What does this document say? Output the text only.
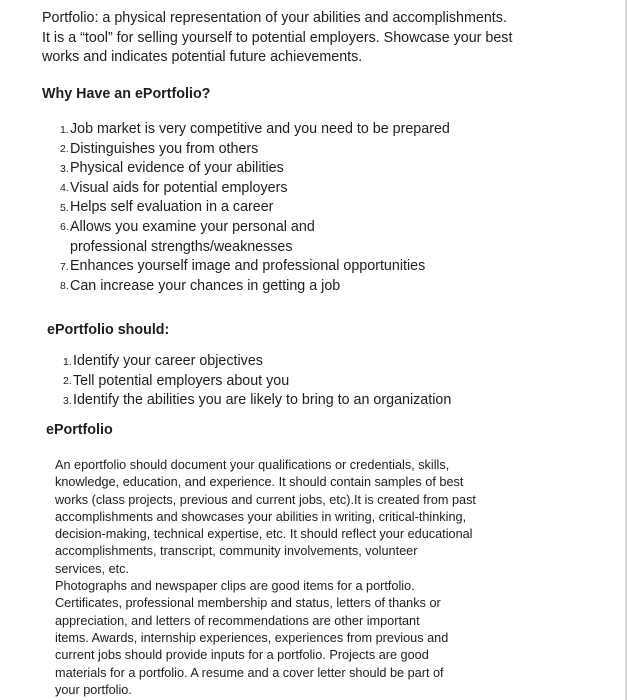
Portfolio: a physical representation of your abilities and accomplishments.
It is a “tool” for selling yourself to potential employers. Showcase your best
works and indicates potential future achievements.
Why Have an ePortfolio?
1. Job market is very competitive and you need to be prepared
2. Distinguishes you from others
3. Physical evidence of your abilities
4. Visual aids for potential employers
5. Helps self evaluation in a career
6. Allows you examine your personal and
professional strengths/weaknesses
7. Enhances yourself image and professional opportunities
8. Can increase your chances in getting a job
ePortfolio should:
1. Identify your career objectives
2. Tell potential employers about you
3. Identify the abilities you are likely to bring to an organization
ePortfolio
An eportfolio should document your qualifications or credentials, skills,
knowledge, education, and experience. It should contain samples of best
works (class projects, previous and current jobs, etc).It is created from past
accomplishments and showcases your abilities in writing, critical-thinking,
decision-making, technical expertise, etc. It should reflect your educational
accomplishments, transcript, community involvements, volunteer
services, etc.
Photographs and newspaper clips are good items for a portfolio.
Certificates, professional membership and status, letters of thanks or
appreciation, and letters of recommendations are other important
items. Awards, internship experiences, experiences from previous and
current jobs should provide inputs for a portfolio. Projects are good
materials for a portfolio. A resume and a cover letter should be part of
your portfolio.
